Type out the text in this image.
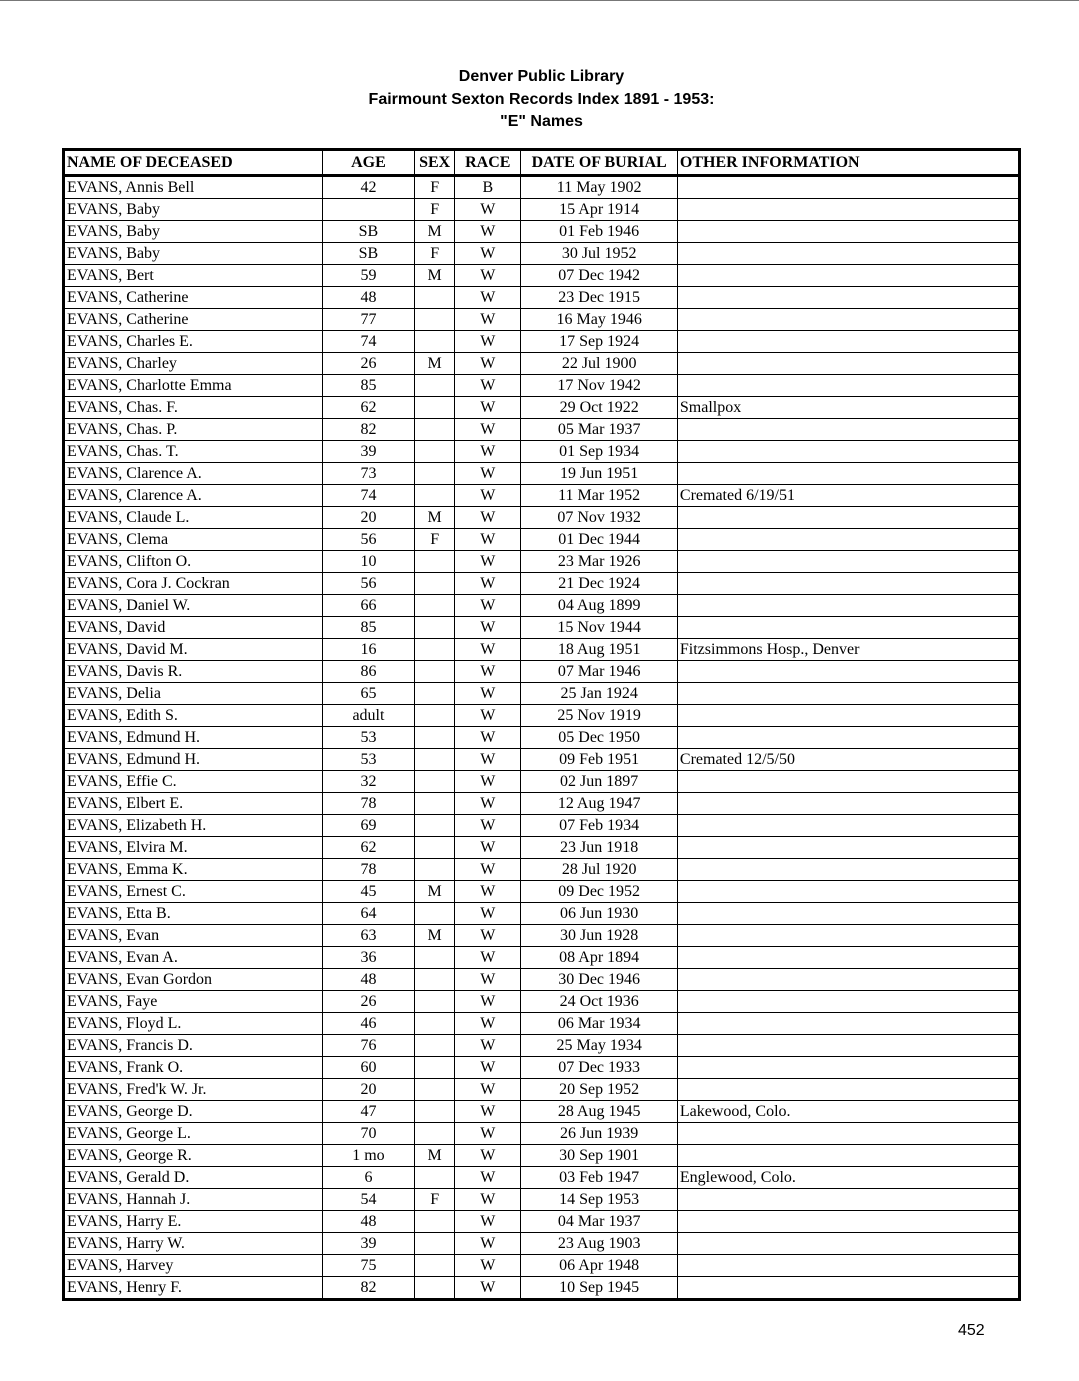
Denver Public Library
Fairmount Sexton Records Index 1891 - 1953:
"E" Names
NAME OF DECEASED	AGE	SEX	RACE	DATE OF BURIAL	OTHER INFORMATION
EVANS, Annis Bell	42	F	B	11 May 1902	
EVANS, Baby		F	W	15 Apr 1914	
EVANS, Baby	SB	M	W	01 Feb 1946	
EVANS, Baby	SB	F	W	30 Jul 1952	
EVANS, Bert	59	M	W	07 Dec 1942	
EVANS, Catherine	48		W	23 Dec 1915	
EVANS, Catherine	77		W	16 May 1946	
EVANS, Charles E.	74		W	17 Sep 1924	
EVANS, Charley	26	M	W	22 Jul 1900	
EVANS, Charlotte Emma	85		W	17 Nov 1942	
EVANS, Chas. F.	62		W	29 Oct 1922	Smallpox
EVANS, Chas. P.	82		W	05 Mar 1937	
EVANS, Chas. T.	39		W	01 Sep 1934	
EVANS, Clarence A.	73		W	19 Jun 1951	
EVANS, Clarence A.	74		W	11 Mar 1952	Cremated 6/19/51
EVANS, Claude L.	20	M	W	07 Nov 1932	
EVANS, Clema	56	F	W	01 Dec 1944	
EVANS, Clifton O.	10		W	23 Mar 1926	
EVANS, Cora J. Cockran	56		W	21 Dec 1924	
EVANS, Daniel W.	66		W	04 Aug 1899	
EVANS, David	85		W	15 Nov 1944	
EVANS, David M.	16		W	18 Aug 1951	Fitzsimmons Hosp., Denver
EVANS, Davis R.	86		W	07 Mar 1946	
EVANS, Delia	65		W	25 Jan 1924	
EVANS, Edith S.	adult		W	25 Nov 1919	
EVANS, Edmund H.	53		W	05 Dec 1950	
EVANS, Edmund H.	53		W	09 Feb 1951	Cremated 12/5/50
EVANS, Effie C.	32		W	02 Jun 1897	
EVANS, Elbert E.	78		W	12 Aug 1947	
EVANS, Elizabeth H.	69		W	07 Feb 1934	
EVANS, Elvira M.	62		W	23 Jun 1918	
EVANS, Emma K.	78		W	28 Jul 1920	
EVANS, Ernest C.	45	M	W	09 Dec 1952	
EVANS, Etta B.	64		W	06 Jun 1930	
EVANS, Evan	63	M	W	30 Jun 1928	
EVANS, Evan A.	36		W	08 Apr 1894	
EVANS, Evan Gordon	48		W	30 Dec 1946	
EVANS, Faye	26		W	24 Oct 1936	
EVANS, Floyd L.	46		W	06 Mar 1934	
EVANS, Francis D.	76		W	25 May 1934	
EVANS, Frank O.	60		W	07 Dec 1933	
EVANS, Fred'k W. Jr.	20		W	20 Sep 1952	
EVANS, George D.	47		W	28 Aug 1945	Lakewood, Colo.
EVANS, George L.	70		W	26 Jun 1939	
EVANS, George R.	1 mo	M	W	30 Sep 1901	
EVANS, Gerald D.	6		W	03 Feb 1947	Englewood, Colo.
EVANS, Hannah J.	54	F	W	14 Sep 1953	
EVANS, Harry E.	48		W	04 Mar 1937	
EVANS, Harry W.	39		W	23 Aug 1903	
EVANS, Harvey	75		W	06 Apr 1948	
EVANS, Henry F.	82		W	10 Sep 1945	
452
